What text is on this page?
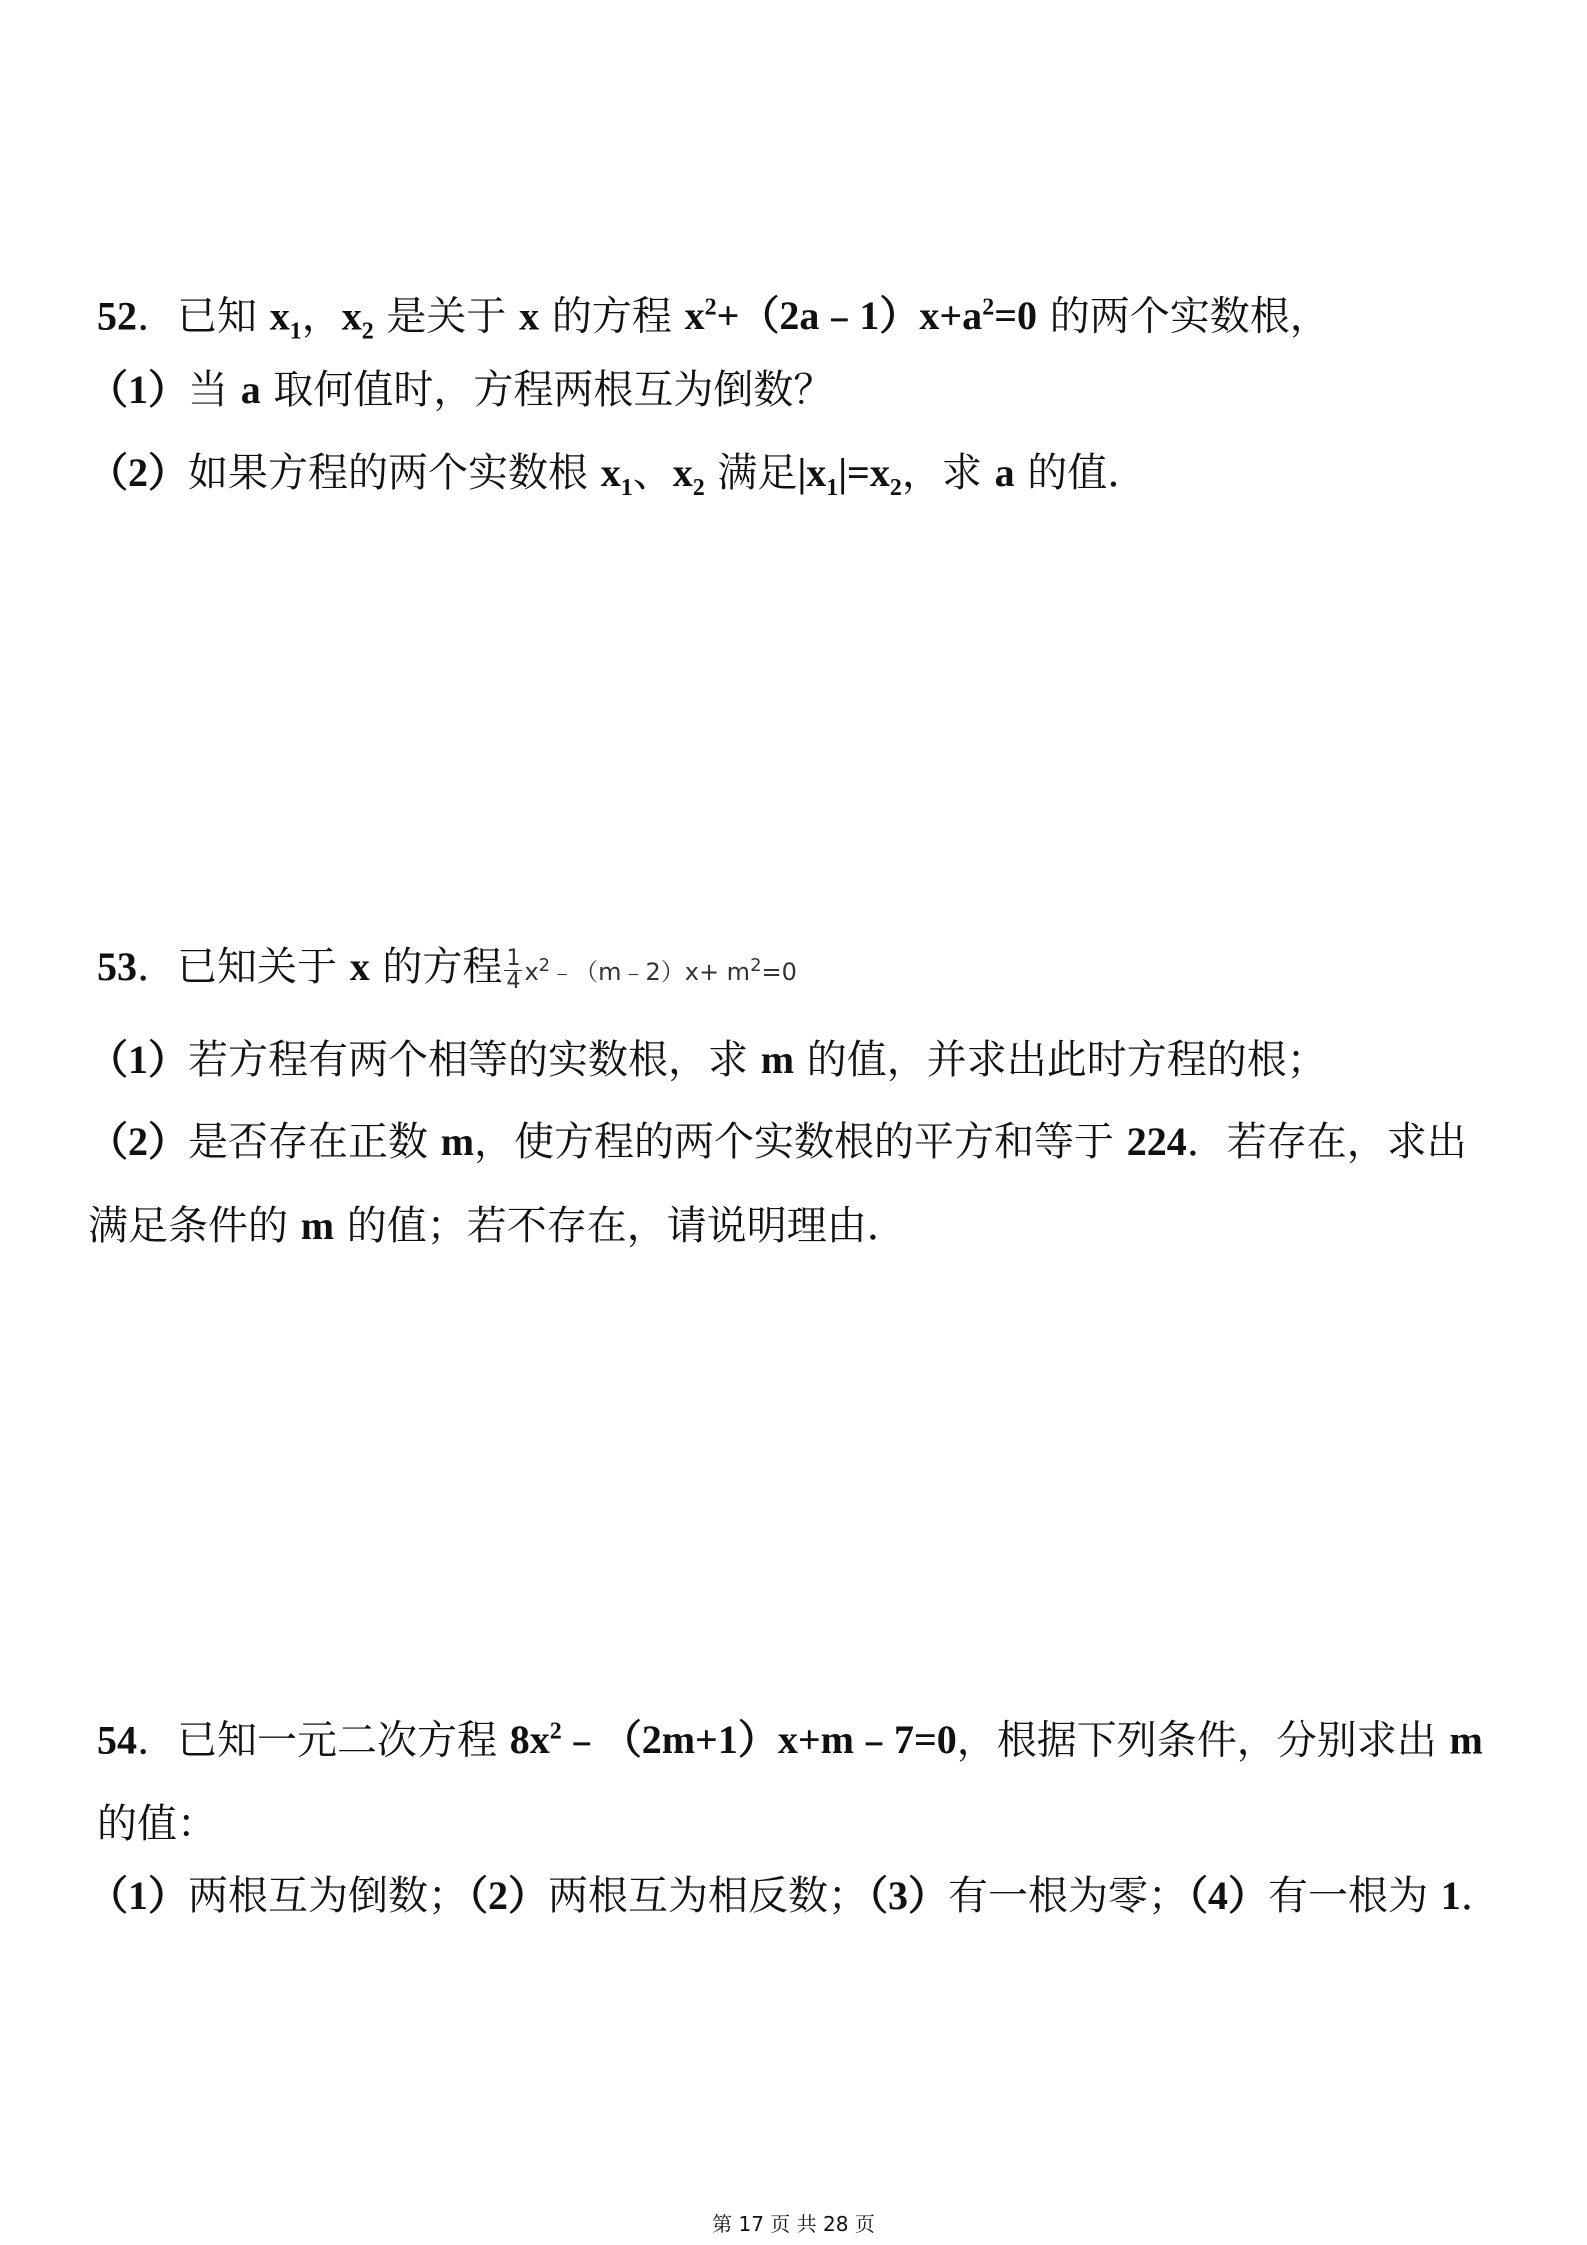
52．已知 $x_1$，$x_2$ 是关于 x 的方程 $x^2+(2a﹣1)x+a^2=0$ 的两个实数根，
（1）当 a 取何值时，方程两根互为倒数？
（2）如果方程的两个实数根 $x_1$、$x_2$ 满足$|x_1|=x_2$，求 a 的值．
53．已知关于 x 的方程 $\frac{1}{4}$ $x^2﹣(m﹣2)x+ m^2=0$
（1）若方程有两个相等的实数根，求 m 的值，并求出此时方程的根；
（2）是否存在正数 m，使方程的两个实数根的平方和等于 224．若存在，求出满足条件的 m 的值；若不存在，请说明理由．
54．已知一元二次方程 $8x^2﹣(2m+1)x+m﹣7=0$，根据下列条件，分别求出 m 的值：
（1）两根互为倒数；（2）两根互为相反数；（3）有一根为零；（4）有一根为 1．
第 17 页 共 28 页
